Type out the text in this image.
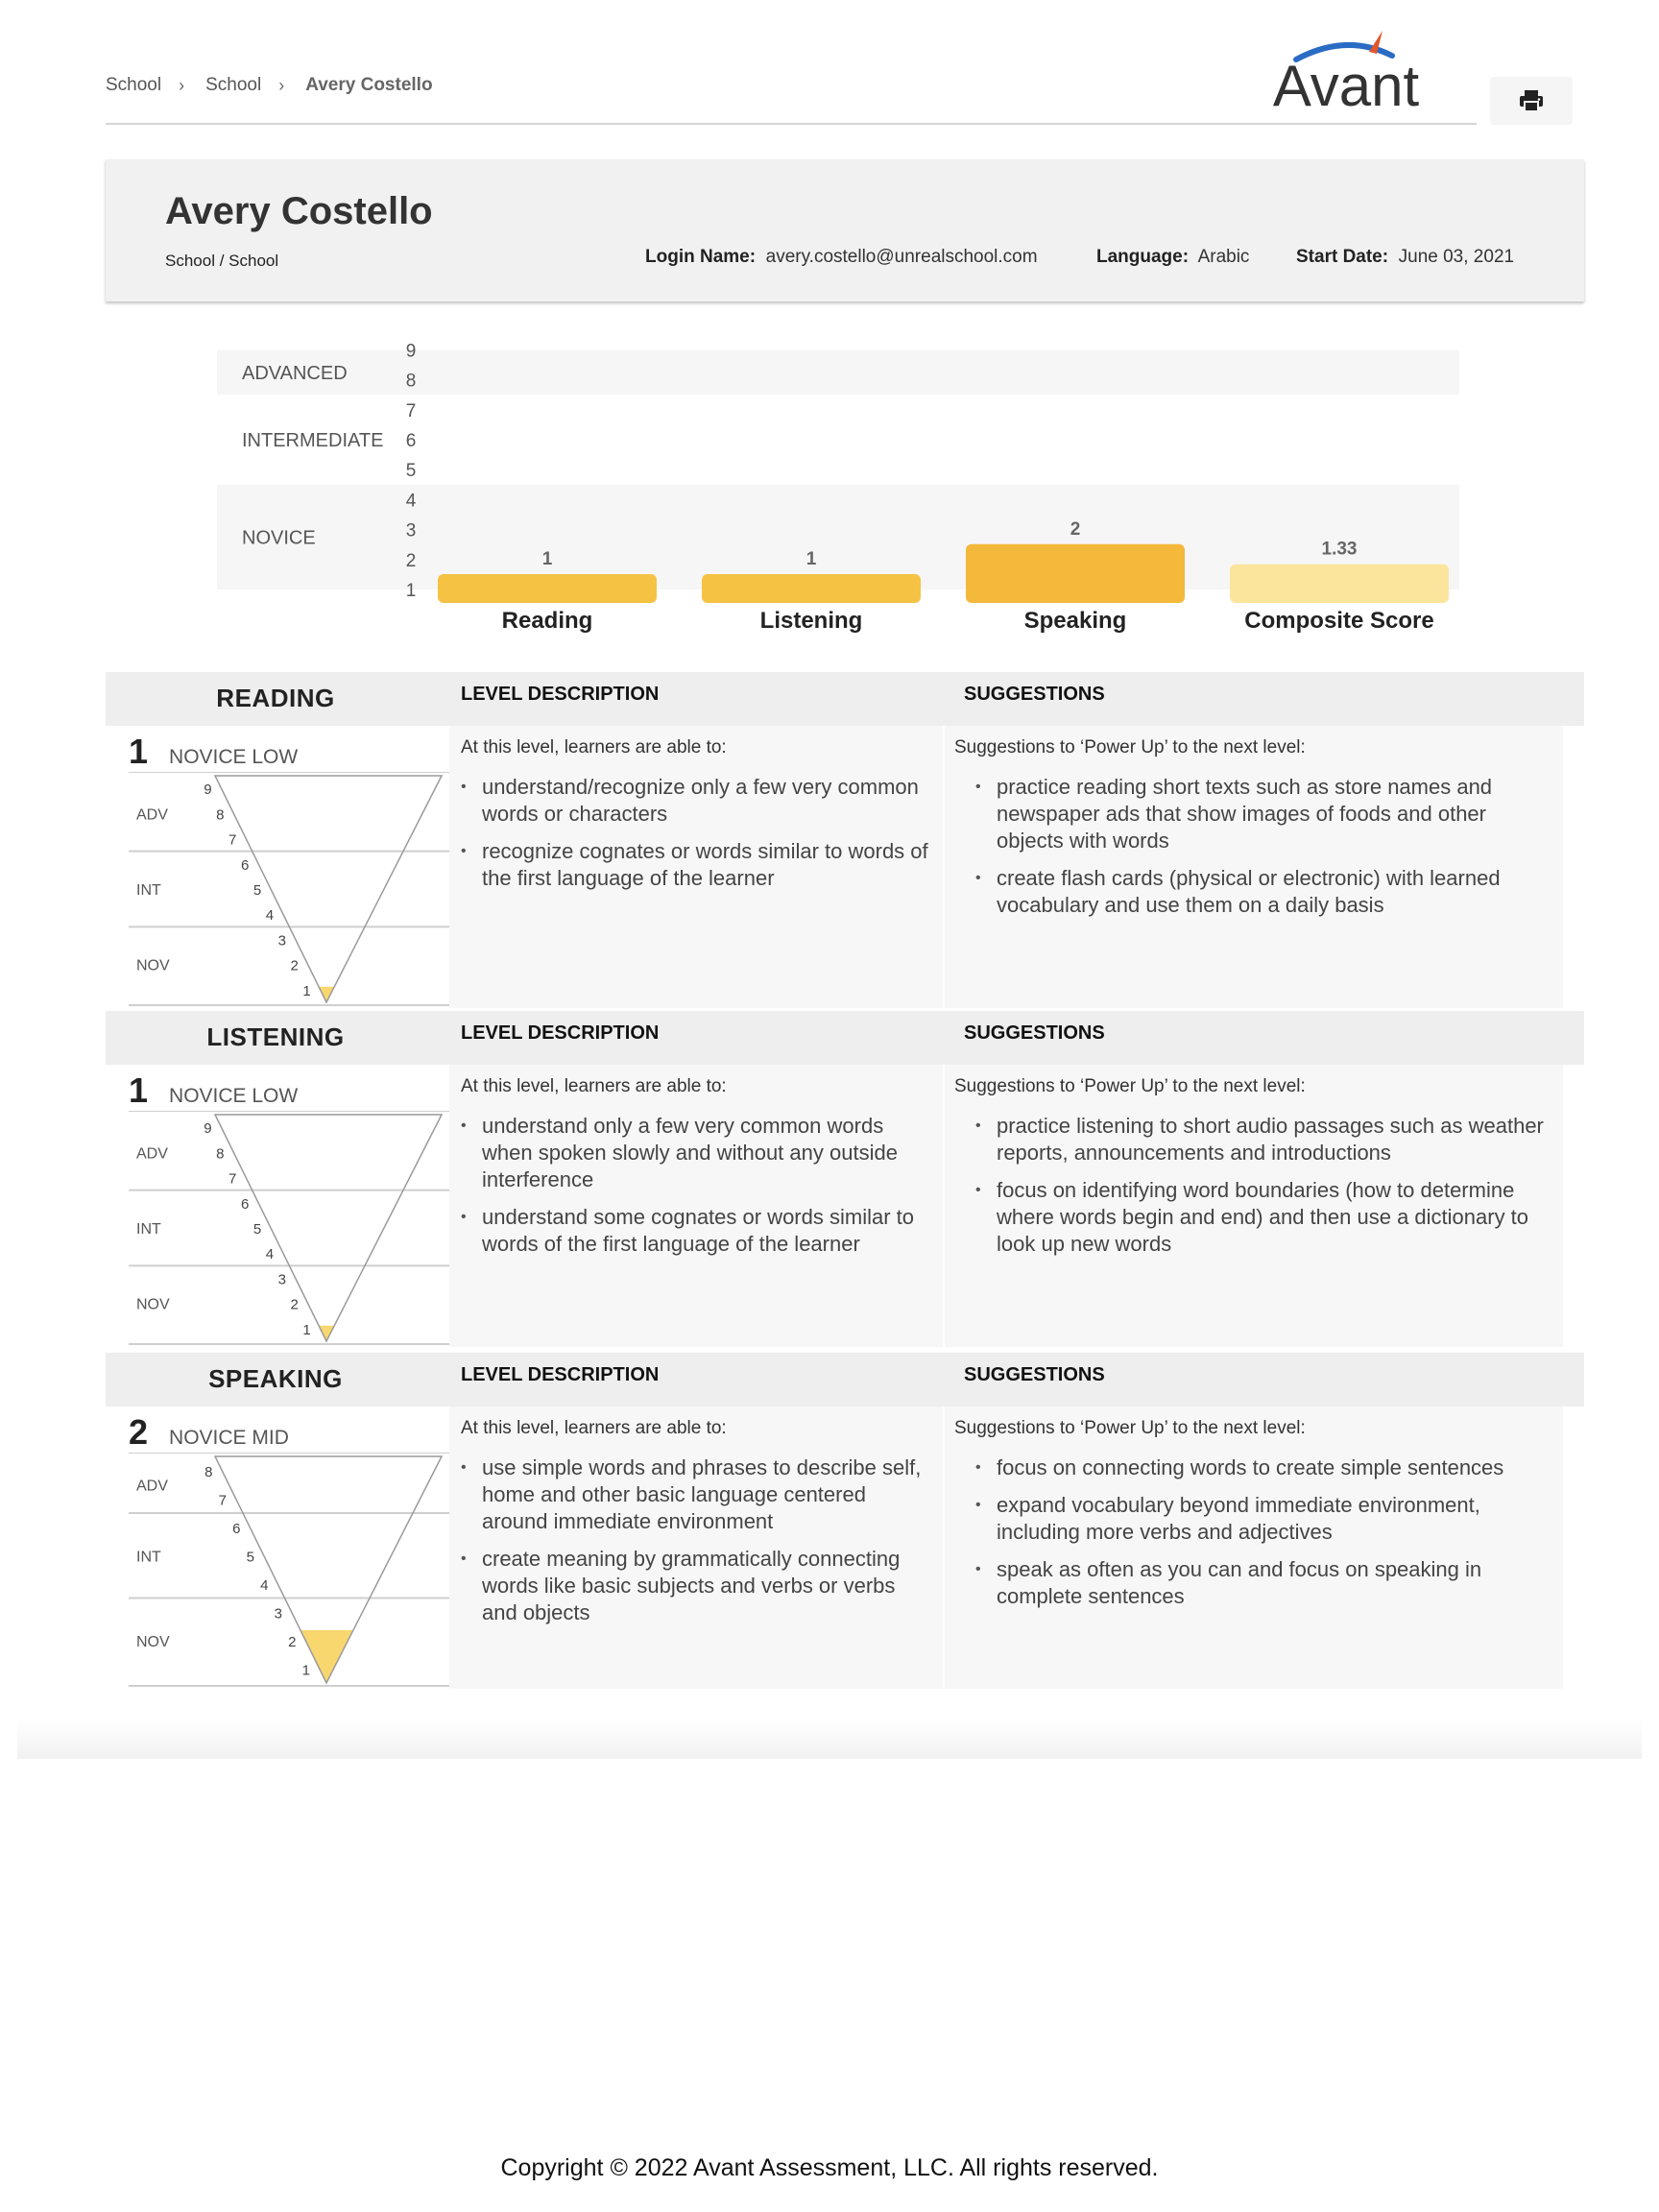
School › School › Avery Costello	Avant
Avery Costello
School / School	Login Name: avery.costello@unrealschool.com	Language: Arabic	Start Date: June 03, 2021
ADVANCED
INTERMEDIATE
NOVICE
1
2
3
4
5
6
7
8
9
1
Reading
1
Listening
2
Speaking
1.33
Composite Score
READING	LEVEL DESCRIPTION	SUGGESTIONS
1 NOVICE LOW
9
8
7
6
5
4
3
2
1
ADV
INT
NOV
At this level, learners are able to:
• understand/recognize only a few very common words or characters
• recognize cognates or words similar to words of the first language of the learner
Suggestions to ‘Power Up’ to the next level:
• practice reading short texts such as store names and newspaper ads that show images of foods and other objects with words
• create flash cards (physical or electronic) with learned vocabulary and use them on a daily basis
LISTENING	LEVEL DESCRIPTION	SUGGESTIONS
1 NOVICE LOW
9
8
7
6
5
4
3
2
1
ADV
INT
NOV
At this level, learners are able to:
• understand only a few very common words when spoken slowly and without any outside interference
• understand some cognates or words similar to words of the first language of the learner
Suggestions to ‘Power Up’ to the next level:
• practice listening to short audio passages such as weather reports, announcements and introductions
• focus on identifying word boundaries (how to determine where words begin and end) and then use a dictionary to look up new words
SPEAKING	LEVEL DESCRIPTION	SUGGESTIONS
2 NOVICE MID
8
7
6
5
4
3
2
1
ADV
INT
NOV
At this level, learners are able to:
• use simple words and phrases to describe self, home and other basic language centered around immediate environment
• create meaning by grammatically connecting words like basic subjects and verbs or verbs and objects
Suggestions to ‘Power Up’ to the next level:
• focus on connecting words to create simple sentences
• expand vocabulary beyond immediate environment, including more verbs and adjectives
• speak as often as you can and focus on speaking in complete sentences
Copyright © 2022 Avant Assessment, LLC. All rights reserved.
